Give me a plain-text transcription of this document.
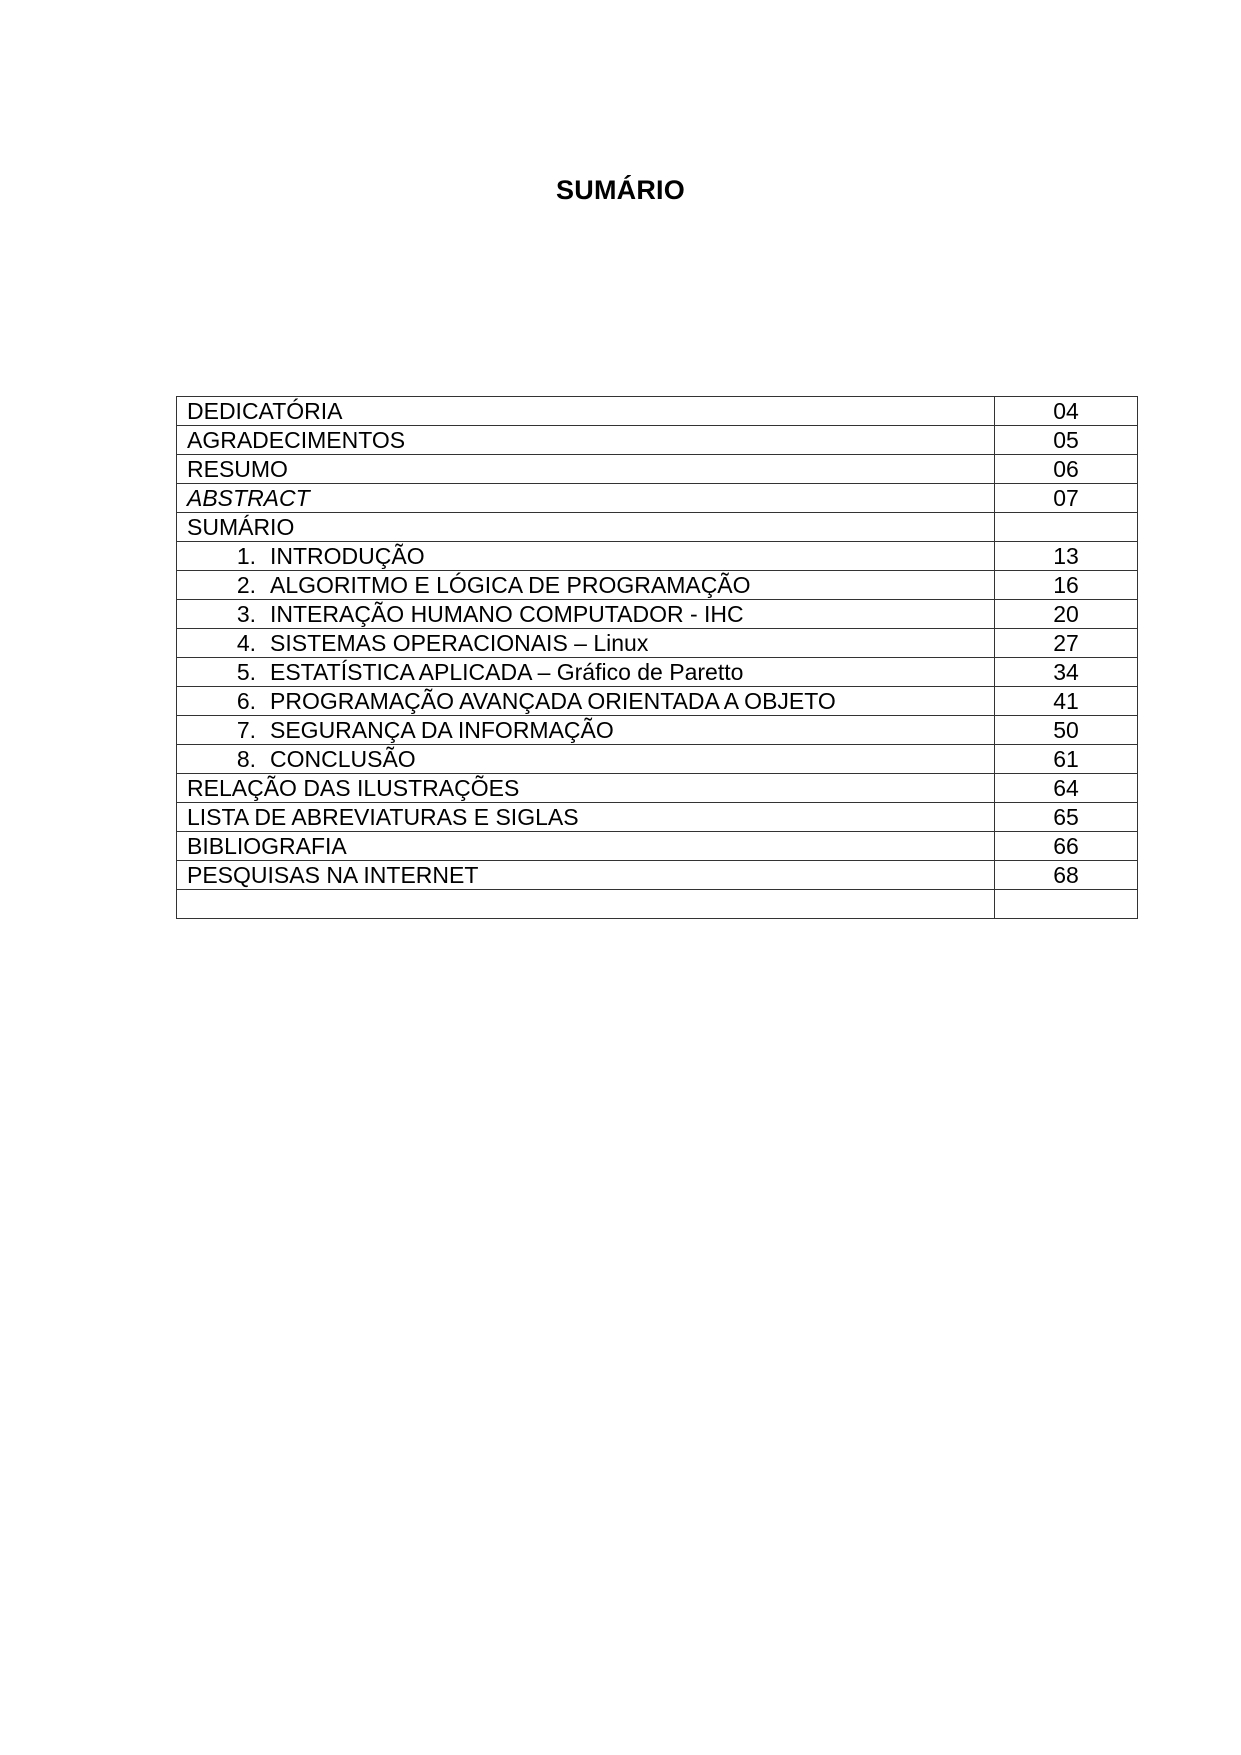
SUMÁRIO
DEDICATÓRIA	04
AGRADECIMENTOS	05
RESUMO	06
ABSTRACT	07
SUMÁRIO	
1. INTRODUÇÃO	13
2. ALGORITMO E LÓGICA DE PROGRAMAÇÃO	16
3. INTERAÇÃO HUMANO COMPUTADOR - IHC	20
4. SISTEMAS OPERACIONAIS – Linux	27
5. ESTATÍSTICA APLICADA – Gráfico de Paretto	34
6. PROGRAMAÇÃO AVANÇADA ORIENTADA A OBJETO	41
7. SEGURANÇA DA INFORMAÇÃO	50
8. CONCLUSÃO	61
RELAÇÃO DAS ILUSTRAÇÕES	64
LISTA DE ABREVIATURAS E SIGLAS	65
BIBLIOGRAFIA	66
PESQUISAS NA INTERNET	68
